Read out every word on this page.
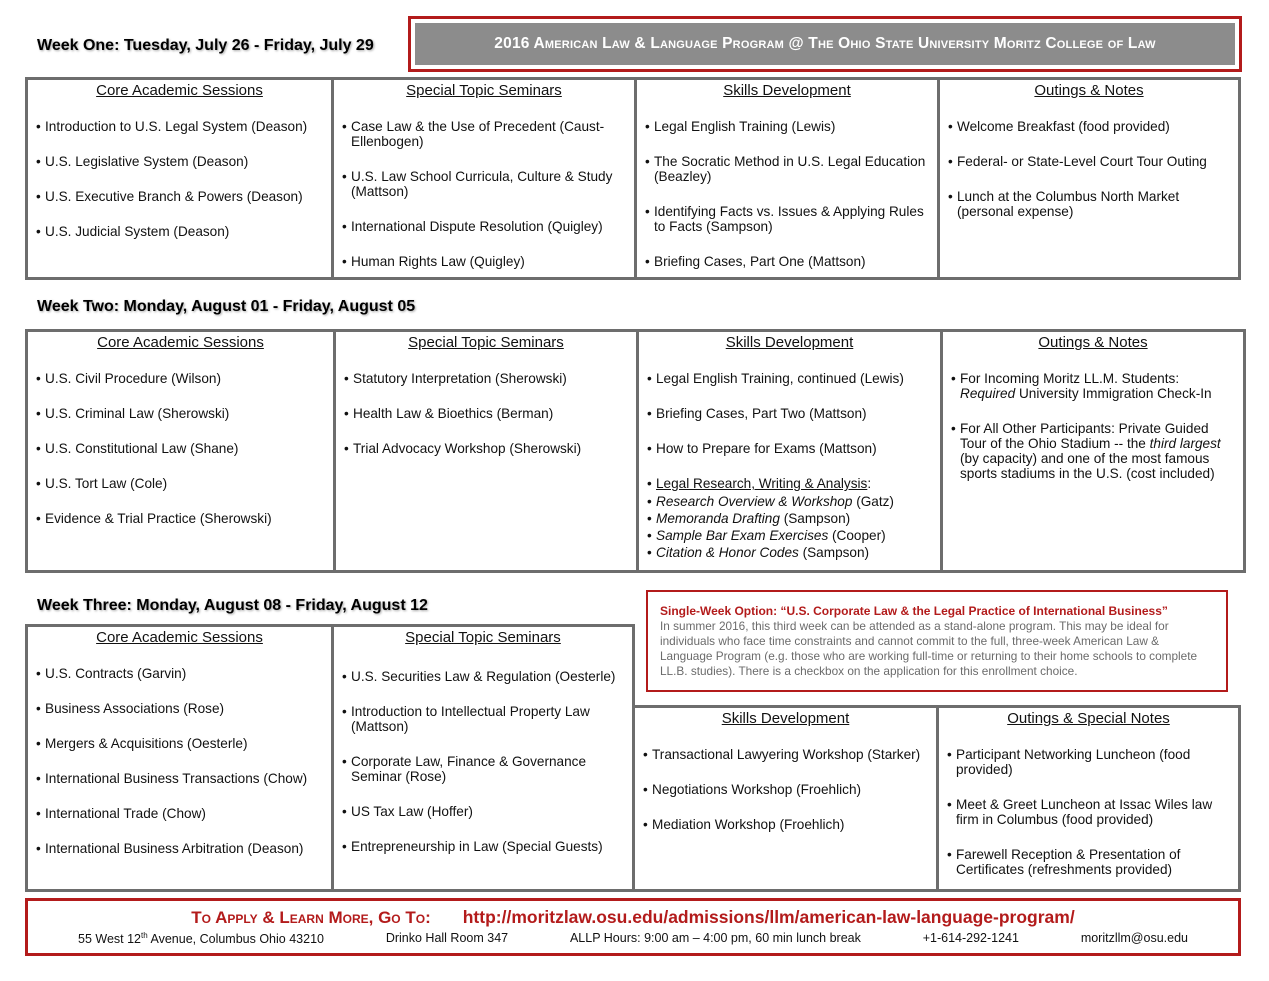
Week One: Tuesday, July 26 - Friday, July 29	2016 American Law & Language Program @ The Ohio State University Moritz College of Law
Core Academic Sessions
• Introduction to U.S. Legal System (Deason)
• U.S. Legislative System (Deason)
• U.S. Executive Branch & Powers (Deason)
• U.S. Judicial System (Deason)
Special Topic Seminars
• Case Law & the Use of Precedent (Caust-Ellenbogen)
• U.S. Law School Curricula, Culture & Study (Mattson)
• International Dispute Resolution (Quigley)
• Human Rights Law (Quigley)
Skills Development
• Legal English Training (Lewis)
• The Socratic Method in U.S. Legal Education (Beazley)
• Identifying Facts vs. Issues & Applying Rules to Facts (Sampson)
• Briefing Cases, Part One (Mattson)
Outings & Notes
• Welcome Breakfast (food provided)
• Federal- or State-Level Court Tour Outing
• Lunch at the Columbus North Market (personal expense)
Week Two: Monday, August 01 - Friday, August 05
Core Academic Sessions
• U.S. Civil Procedure (Wilson)
• U.S. Criminal Law (Sherowski)
• U.S. Constitutional Law (Shane)
• U.S. Tort Law (Cole)
• Evidence & Trial Practice (Sherowski)
Special Topic Seminars
• Statutory Interpretation (Sherowski)
• Health Law & Bioethics (Berman)
• Trial Advocacy Workshop (Sherowski)
Skills Development
• Legal English Training, continued (Lewis)
• Briefing Cases, Part Two (Mattson)
• How to Prepare for Exams (Mattson)
• Legal Research, Writing & Analysis:
• Research Overview & Workshop (Gatz)
• Memoranda Drafting (Sampson)
• Sample Bar Exam Exercises (Cooper)
• Citation & Honor Codes (Sampson)
Outings & Notes
• For Incoming Moritz LL.M. Students: Required University Immigration Check-In
• For All Other Participants: Private Guided Tour of the Ohio Stadium -- the third largest (by capacity) and one of the most famous sports stadiums in the U.S. (cost included)
Week Three: Monday, August 08 - Friday, August 12
Core Academic Sessions
• U.S. Contracts (Garvin)
• Business Associations (Rose)
• Mergers & Acquisitions (Oesterle)
• International Business Transactions (Chow)
• International Trade (Chow)
• International Business Arbitration (Deason)
Special Topic Seminars
• U.S. Securities Law & Regulation (Oesterle)
• Introduction to Intellectual Property Law (Mattson)
• Corporate Law, Finance & Governance Seminar (Rose)
• US Tax Law (Hoffer)
• Entrepreneurship in Law (Special Guests)
Single-Week Option: “U.S. Corporate Law & the Legal Practice of International Business”
In summer 2016, this third week can be attended as a stand-alone program. This may be ideal for individuals who face time constraints and cannot commit to the full, three-week American Law & Language Program (e.g. those who are working full-time or returning to their home schools to complete LL.B. studies). There is a checkbox on the application for this enrollment choice.
Skills Development
• Transactional Lawyering Workshop (Starker)
• Negotiations Workshop (Froehlich)
• Mediation Workshop (Froehlich)
Outings & Special Notes
• Participant Networking Luncheon (food provided)
• Meet & Greet Luncheon at Issac Wiles law firm in Columbus (food provided)
• Farewell Reception & Presentation of Certificates (refreshments provided)
To Apply & Learn More, Go To: http://moritzlaw.osu.edu/admissions/llm/american-law-language-program/
55 West 12th Avenue, Columbus Ohio 43210	Drinko Hall Room 347	ALLP Hours: 9:00 am – 4:00 pm, 60 min lunch break	+1-614-292-1241	moritzllm@osu.edu
